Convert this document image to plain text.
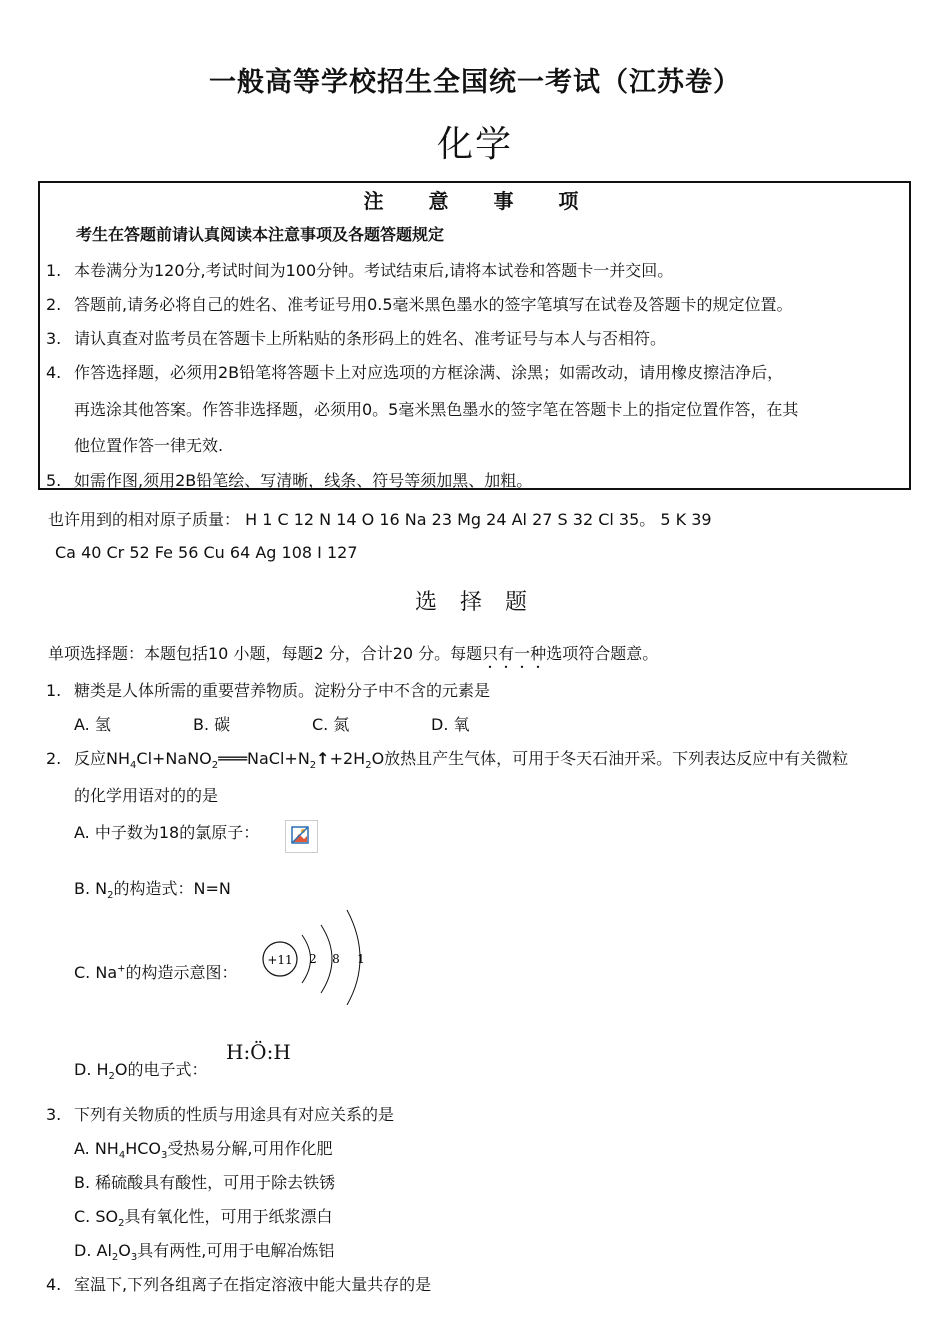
一般高等学校招生全国统一考试（江苏卷）
化学
注 意 事 项
考生在答题前请认真阅读本注意事项及各题答题规定
1. 本卷满分为120分,考试时间为100分钟。考试结束后,请将本试卷和答题卡一并交回。
2. 答题前,请务必将自己的姓名、准考证号用0.5毫米黑色墨水的签字笔填写在试卷及答题卡的规定位置。
3. 请认真查对监考员在答题卡上所粘贴的条形码上的姓名、准考证号与本人与否相符。
4. 作答选择题，必须用2B铅笔将答题卡上对应选项的方框涂满、涂黑；如需改动，请用橡皮擦洁净后，
再选涂其他答案。作答非选择题，必须用0。5毫米黑色墨水的签字笔在答题卡上的指定位置作答，在其
他位置作答一律无效.
5. 如需作图,须用2B铅笔绘、写清晰，线条、符号等须加黑、加粗。
也许用到的相对原子质量： H 1 C 12 N 14 O 16 Na 23 Mg 24 Al 27 S 32 Cl 35。 5 K 39
Ca 40 Cr 52 Fe 56 Cu 64 Ag 108 I 127
选 择 题
单项选择题：本题包括10 小题，每题2 分，合计20 分。每题只有一种选项符合题意。
1. 糖类是人体所需的重要营养物质。淀粉分子中不含的元素是
A. 氢	B. 碳	C. 氮	D. 氧
2. 反应$NH_4Cl+NaNO_2═══NaCl+N_2↑+2H_2O$放热且产生气体，可用于冬天石油开采。下列表达反应中有关微粒
的化学用语对的的是
A. 中子数为18的氯原子：
B. $N_2$的构造式：N=N
C. Na+的构造示意图：
+11 2 8 1
D. $H_2O$的电子式：
H:Ö:H
3. 下列有关物质的性质与用途具有对应关系的是
A. $NH_4HCO_3$受热易分解,可用作化肥
B. 稀硫酸具有酸性，可用于除去铁锈
C. $SO_2$具有氧化性，可用于纸浆漂白
D. $Al_2O_3$具有两性,可用于电解冶炼铝
4. 室温下,下列各组离子在指定溶液中能大量共存的是
